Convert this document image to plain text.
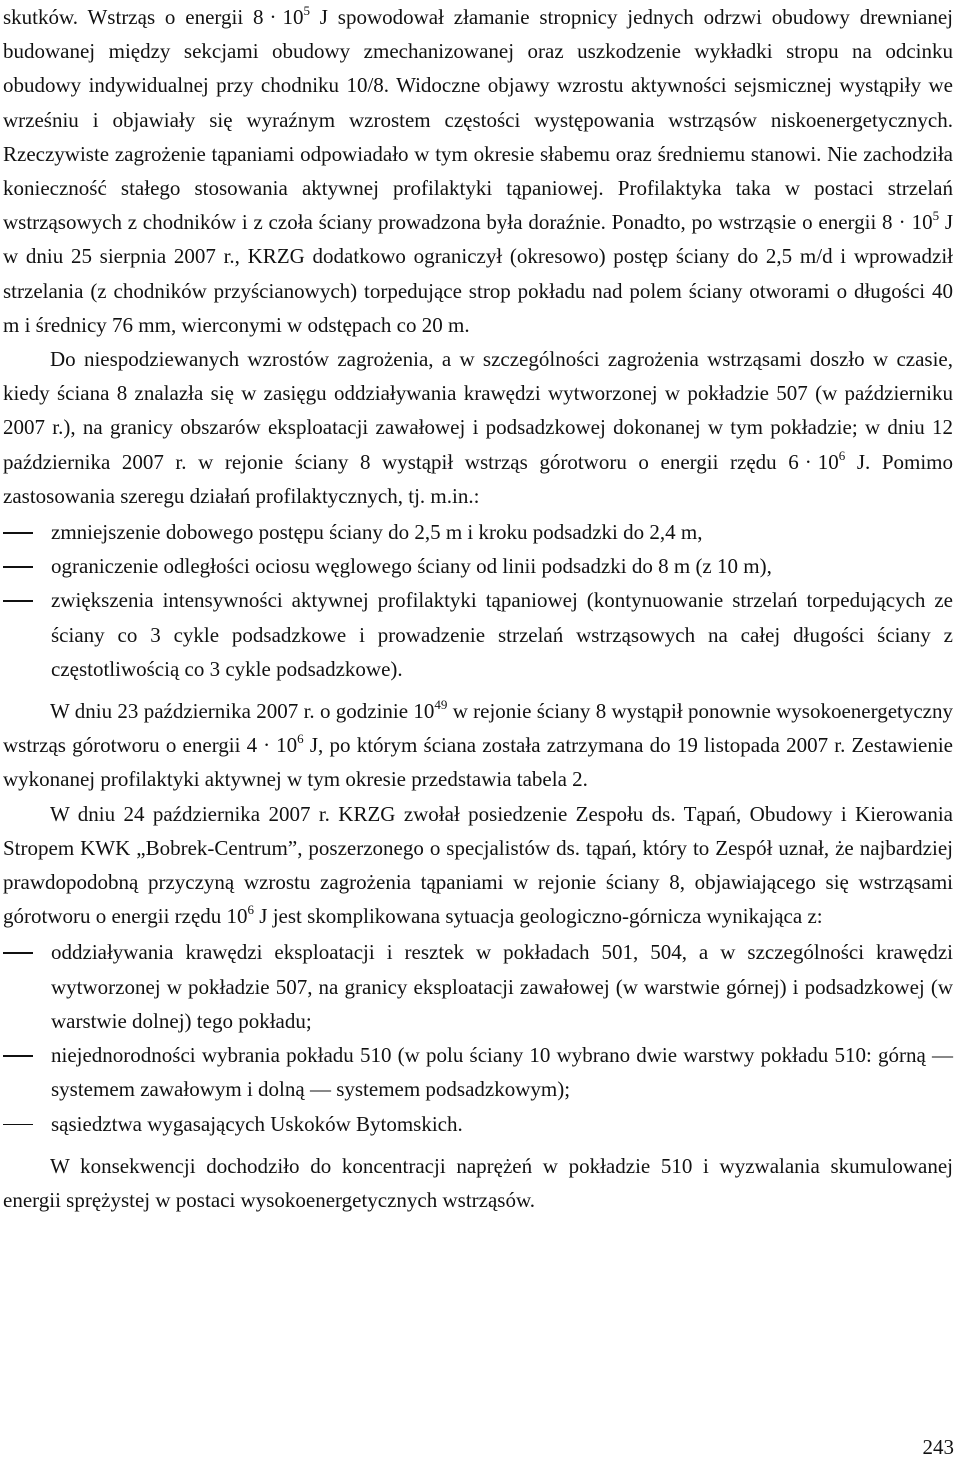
skutków. Wstrząs o energii $8 \cdot 10^5$ J spowodował złamanie stropnicy jednych odrzwi obudowy drewnianej budowanej między sekcjami obudowy zmechanizowanej oraz uszkodzenie wykładki stropu na odcinku obudowy indywidualnej przy chodniku 10/8. Widoczne objawy wzrostu aktywności sejsmicznej wystąpiły we wrześniu i objawiały się wyraźnym wzrostem częstości występowania wstrząsów niskoenergetycznych. Rzeczywiste zagrożenie tąpaniami odpowiadało w tym okresie słabemu oraz średniemu stanowi. Nie zachodziła konieczność stałego stosowania aktywnej profilaktyki tąpaniowej. Profilaktyka taka w postaci strzelań wstrząsowych z chodników i z czoła ściany prowadzona była doraźnie. Ponadto, po wstrząsie o energii $8 \cdot 10^5$ J w dniu 25 sierpnia 2007 r., KRZG dodatkowo ograniczył (okresowo) postęp ściany do 2,5 m/d i wprowadził strzelania (z chodników przyścianowych) torpedujące strop pokładu nad polem ściany otworami o długości 40 m i średnicy 76 mm, wierconymi w odstępach co 20 m.

Do niespodziewanych wzrostów zagrożenia, a w szczególności zagrożenia wstrząsami doszło w czasie, kiedy ściana 8 znalazła się w zasięgu oddziaływania krawędzi wytworzonej w pokładzie 507 (w październiku 2007 r.), na granicy obszarów eksploatacji zawałowej i podsadzkowej dokonanej w tym pokładzie; w dniu 12 października 2007 r. w rejonie ściany 8 wystąpił wstrząs górotworu o energii rzędu $6 \cdot 10^6$ J. Pomimo zastosowania szeregu działań profilaktycznych, tj. m.in.:

zmniejszenie dobowego postępu ściany do 2,5 m i kroku podsadzki do 2,4 m,
ograniczenie odległości ociosu węglowego ściany od linii podsadzki do 8 m (z 10 m),
zwiększenia intensywności aktywnej profilaktyki tąpaniowej (kontynuowanie strzelań torpedujących ze ściany co 3 cykle podsadzkowe i prowadzenie strzelań wstrząsowych na całej długości ściany z częstotliwością co 3 cykle podsadzkowe).

W dniu 23 października 2007 r. o godzinie $10^{49}$ w rejonie ściany 8 wystąpił ponownie wysokoenergetyczny wstrząs górotworu o energii $4 \cdot 10^6$ J, po którym ściana została zatrzymana do 19 listopada 2007 r. Zestawienie wykonanej profilaktyki aktywnej w tym okresie przedstawia tabela 2.

W dniu 24 października 2007 r. KRZG zwołał posiedzenie Zespołu ds. Tąpań, Obudowy i Kierowania Stropem KWK „Bobrek-Centrum”, poszerzonego o specjalistów ds. tąpań, który to Zespół uznał, że najbardziej prawdopodobną przyczyną wzrostu zagrożenia tąpaniami w rejonie ściany 8, objawiającego się wstrząsami górotworu o energii rzędu $10^6$ J jest skomplikowana sytuacja geologiczno-górnicza wynikająca z:

oddziaływania krawędzi eksploatacji i resztek w pokładach 501, 504, a w szczególności krawędzi wytworzonej w pokładzie 507, na granicy eksploatacji zawałowej (w warstwie górnej) i podsadzkowej (w warstwie dolnej) tego pokładu;
niejednorodności wybrania pokładu 510 (w polu ściany 10 wybrano dwie warstwy pokładu 510: górną — systemem zawałowym i dolną — systemem podsadzkowym);
sąsiedztwa wygasających Uskoków Bytomskich.

W konsekwencji dochodziło do koncentracji naprężeń w pokładzie 510 i wyzwalania skumulowanej energii sprężystej w postaci wysokoenergetycznych wstrząsów.

243
